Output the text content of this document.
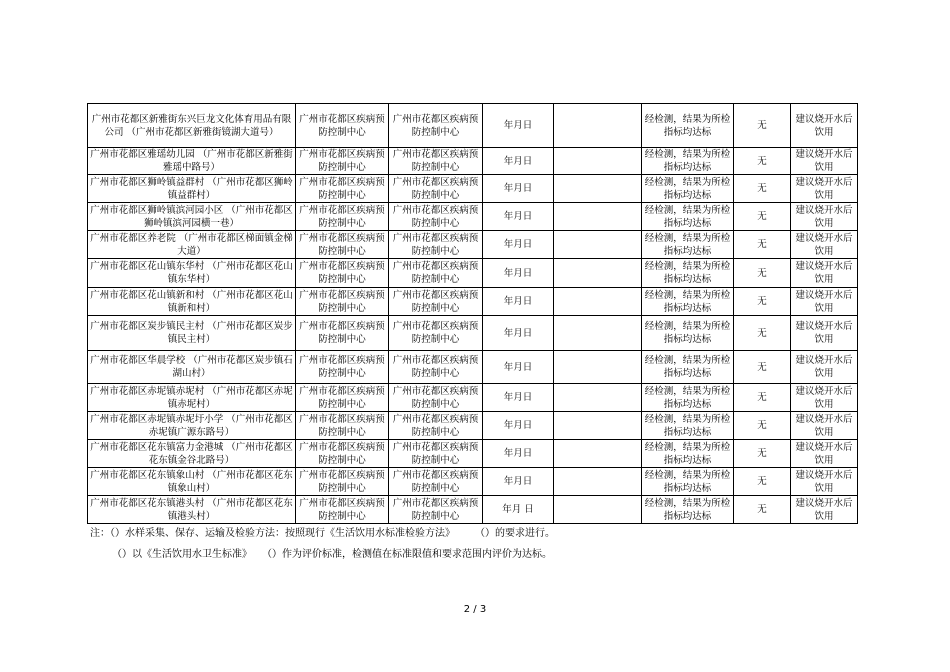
广州市花都区新雅街东兴巨龙文化体育用品有限公司 （广州市花都区新雅街镜湖大道号）	广州市花都区疾病预防控制中心	广州市花都区疾病预防控制中心	年月日		经检测，结果为所检指标均达标	无	建议烧开水后饮用
广州市花都区雅瑶幼儿园 （广州市花都区新雅街雅瑶中路号）	广州市花都区疾病预防控制中心	广州市花都区疾病预防控制中心	年月日		经检测，结果为所检指标均达标	无	建议烧开水后饮用
广州市花都区狮岭镇益群村 （广州市花都区狮岭镇益群村）	广州市花都区疾病预防控制中心	广州市花都区疾病预防控制中心	年月日		经检测，结果为所检指标均达标	无	建议烧开水后饮用
广州市花都区狮岭镇滨河园小区 （广州市花都区狮岭镇滨河园横一巷）	广州市花都区疾病预防控制中心	广州市花都区疾病预防控制中心	年月日		经检测，结果为所检指标均达标	无	建议烧开水后饮用
广州市花都区养老院 （广州市花都区梯面镇金梯大道）	广州市花都区疾病预防控制中心	广州市花都区疾病预防控制中心	年月日		经检测，结果为所检指标均达标	无	建议烧开水后饮用
广州市花都区花山镇东华村 （广州市花都区花山镇东华村）	广州市花都区疾病预防控制中心	广州市花都区疾病预防控制中心	年月日		经检测，结果为所检指标均达标	无	建议烧开水后饮用
广州市花都区花山镇新和村 （广州市花都区花山镇新和村）	广州市花都区疾病预防控制中心	广州市花都区疾病预防控制中心	年月日		经检测，结果为所检指标均达标	无	建议烧开水后饮用
广州市花都区炭步镇民主村 （广州市花都区炭步镇民主村）	广州市花都区疾病预防控制中心	广州市花都区疾病预防控制中心	年月日		经检测，结果为所检指标均达标	无	建议烧开水后饮用
广州市花都区华晨学校 （广州市花都区炭步镇石湖山村）	广州市花都区疾病预防控制中心	广州市花都区疾病预防控制中心	年月日		经检测，结果为所检指标均达标	无	建议烧开水后饮用
广州市花都区赤坭镇赤坭村 （广州市花都区赤坭镇赤坭村）	广州市花都区疾病预防控制中心	广州市花都区疾病预防控制中心	年月日		经检测，结果为所检指标均达标	无	建议烧开水后饮用
广州市花都区赤坭镇赤坭圩小学 （广州市花都区赤坭镇广源东路号）	广州市花都区疾病预防控制中心	广州市花都区疾病预防控制中心	年月日		经检测，结果为所检指标均达标	无	建议烧开水后饮用
广州市花都区花东镇富力金港城 （广州市花都区花东镇金谷北路号）	广州市花都区疾病预防控制中心	广州市花都区疾病预防控制中心	年月日		经检测，结果为所检指标均达标	无	建议烧开水后饮用
广州市花都区花东镇象山村 （广州市花都区花东镇象山村）	广州市花都区疾病预防控制中心	广州市花都区疾病预防控制中心	年月日		经检测，结果为所检指标均达标	无	建议烧开水后饮用
广州市花都区花东镇港头村 （广州市花都区花东镇港头村）	广州市花都区疾病预防控制中心	广州市花都区疾病预防控制中心	年月 日		经检测，结果为所检指标均达标	无	建议烧开水后饮用
注：（）水样采集、保存、运输及检验方法：按照现行《生活饮用水标准检验方法》　　　（）的要求进行。
（）以《生活饮用水卫生标准》　　（）作为评价标准，检测值在标准限值和要求范围内评价为达标。
2 / 3
